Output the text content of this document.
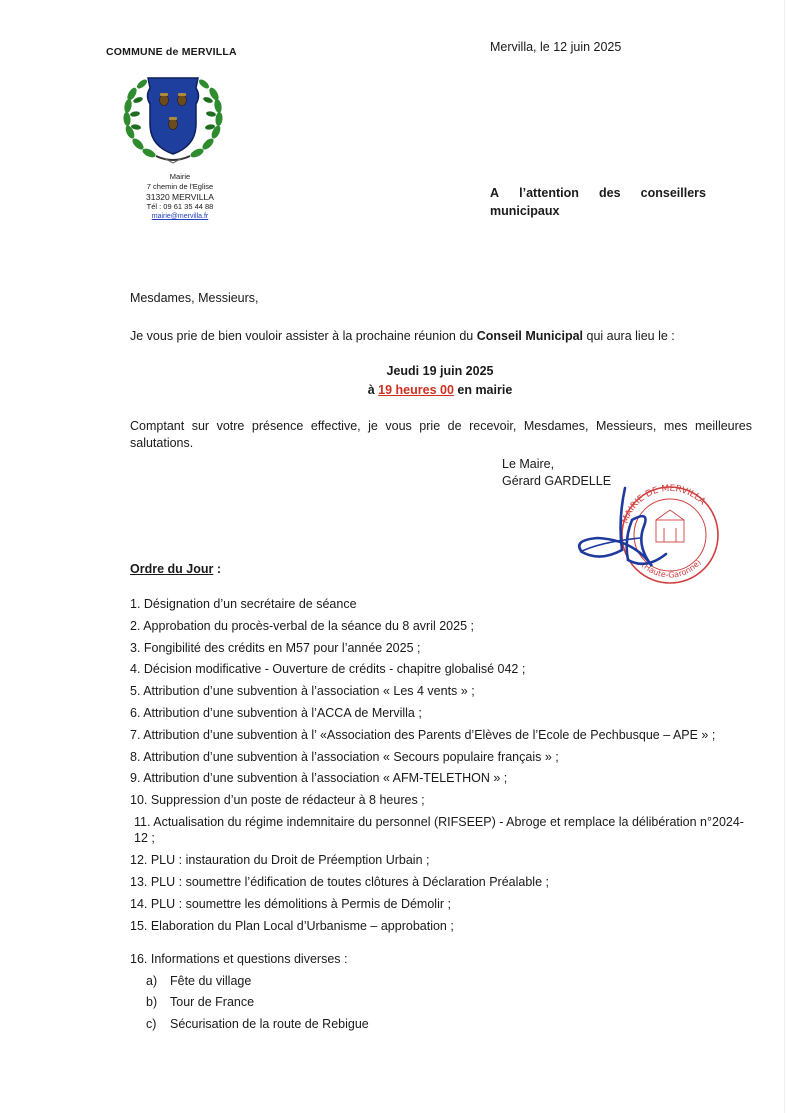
COMMUNE de MERVILLA	Mervilla, le 12 juin 2025
Mairie
7 chemin de l'Eglise
31320 MERVILLA
Tél : 09 61 35 44 88
mairie@mervilla.fr
A l’attention des conseillers
municipaux
Mesdames, Messieurs,
Je vous prie de bien vouloir assister à la prochaine réunion du Conseil Municipal qui aura lieu le :
Jeudi 19 juin 2025
à 19 heures 00 en mairie
Comptant sur votre présence effective, je vous prie de recevoir, Mesdames, Messieurs, mes meilleures salutations.
Le Maire,
Gérard GARDELLE
MAIRIE DE MERVILLA
(Haute-Garonne)
Ordre du Jour :
1. Désignation d’un secrétaire de séance
2. Approbation du procès-verbal de la séance du 8 avril 2025 ;
3. Fongibilité des crédits en M57 pour l’année 2025 ;
4. Décision modificative - Ouverture de crédits - chapitre globalisé 042 ;
5. Attribution d’une subvention à l’association « Les 4 vents » ;
6. Attribution d’une subvention à l’ACCA de Mervilla ;
7. Attribution d’une subvention à l’ «Association des Parents d’Elèves de l’Ecole de Pechbusque – APE » ;
8. Attribution d’une subvention à l’association « Secours populaire français » ;
9. Attribution d’une subvention à l’association « AFM-TELETHON » ;
10. Suppression d’un poste de rédacteur à 8 heures ;
11. Actualisation du régime indemnitaire du personnel (RIFSEEP) - Abroge et remplace la délibération n°2024-12 ;
12. PLU : instauration du Droit de Préemption Urbain ;
13. PLU : soumettre l’édification de toutes clôtures à Déclaration Préalable ;
14. PLU : soumettre les démolitions à Permis de Démolir ;
15. Elaboration du Plan Local d’Urbanisme – approbation ;
16. Informations et questions diverses :
a)	Fête du village
b)	Tour de France
c)	Sécurisation de la route de Rebigue
